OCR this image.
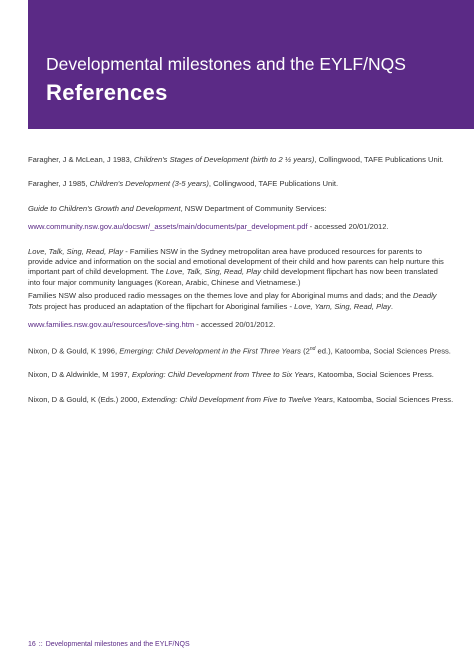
Developmental milestones and the EYLF/NQS
References

Faragher, J & McLean, J 1983, Children's Stages of Development (birth to 2 ½ years), Collingwood, TAFE Publications Unit.

Faragher, J 1985, Children's Development (3-5 years), Collingwood, TAFE Publications Unit.

Guide to Children's Growth and Development, NSW Department of Community Services:

www.community.nsw.gov.au/docswr/_assets/main/documents/par_development.pdf - accessed 20/01/2012.

Love, Talk, Sing, Read, Play - Families NSW in the Sydney metropolitan area have produced resources for parents to provide advice and information on the social and emotional development of their child and how parents can help nurture this important part of child development. The Love, Talk, Sing, Read, Play child development flipchart has now been translated into four major community languages (Korean, Arabic, Chinese and Vietnamese.)

Families NSW also produced radio messages on the themes love and play for Aboriginal mums and dads; and the Deadly Tots project has produced an adaptation of the flipchart for Aboriginal families - Love, Yarn, Sing, Read, Play.

www.families.nsw.gov.au/resources/love-sing.htm - accessed 20/01/2012.

Nixon, D & Gould, K 1996, Emerging: Child Development in the First Three Years (2nd ed.), Katoomba, Social Sciences Press.

Nixon, D & Aldwinkle, M 1997, Exploring: Child Development from Three to Six Years, Katoomba, Social Sciences Press.

Nixon, D & Gould, K (Eds.) 2000, Extending: Child Development from Five to Twelve Years, Katoomba, Social Sciences Press.

16 :: Developmental milestones and the EYLF/NQS
